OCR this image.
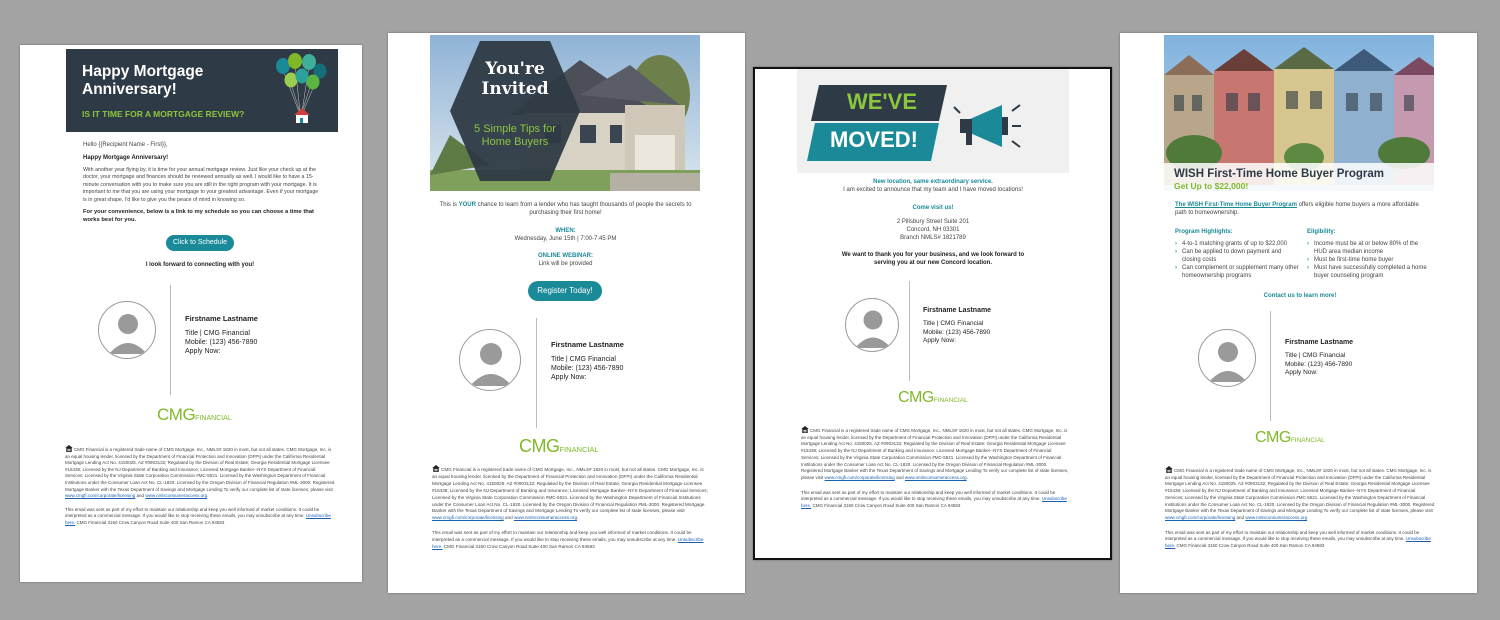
Happy Mortgage Anniversary!
IS IT TIME FOR A MORTGAGE REVIEW?
Hello {{Recipient Name - First}},
Happy Mortgage Anniversary!
With another year flying by, it is time for your annual mortgage review. Just like your check up at the doctor, your mortgage and finances should be reviewed annually as well. I would like to have a 15-minute conversation with you to make sure you are still in the right program with your mortgage. It is important to me that you are using your mortgage to your greatest advantage. Even if your mortgage is in great shape, I'd like to give you the peace of mind in knowing so.
For your convenience, below is a link to my schedule so you can choose a time that works best for you.
Click to Schedule
I look forward to connecting with you!
Firstname Lastname
Title | CMG Financial
Mobile: (123) 456-7890
Apply Now:
CMGFINANCIAL
CMG Financial is a registered trade name of CMG Mortgage, Inc., NMLS# 1820 in most, but not all states. CMG Mortgage, Inc. is an equal housing lender, licensed by the Department of Financial Protection and Innovation (DFPI) under the California Residential Mortgage Lending Act No. 4150025. AZ #0903132; Regulated by the Division of Real Estate; Georgia Residential Mortgage Licensee #15438; Licensed by the NJ Department of Banking and Insurance; Licensed Mortgage Banker--NYS Department of Financial Services; Licensed by the Virginia State Corporation Commission #MC-5521. Licensed by the Washington Department of Financial Institutions under the Consumer Loan Act No. CL-1820. Licensed by the Oregon Division of Financial Regulation #ML-3000. Registered Mortgage Banker with the Texas Department of Savings and Mortgage Lending To verify our complete list of state licenses, please visit www.cmgfi.com/corporate/licensing and www.nmlsconsumeraccess.org.
This email was sent as part of my effort to maintain our relationship and keep you well informed of market conditions. It could be interpreted as a commercial message. If you would like to stop receiving these emails, you may unsubscribe at any time. Unsubscribe here. CMG Financial 3160 Crow Canyon Road Suite 400 San Ramon CA 94583
You're
Invited
5 Simple Tips for Home Buyers
This is YOUR chance to learn from a lender who has taught thousands of people the secrets to purchasing their first home!
WHEN:
Wednesday, June 15th | 7:00-7:45 PM
ONLINE WEBINAR:
Link will be provided
Register Today!
Firstname Lastname
Title | CMG Financial
Mobile: (123) 456-7890
Apply Now:
CMGFINANCIAL
CMG Financial is a registered trade name of CMG Mortgage, Inc., NMLS# 1820 in most, but not all states. CMG Mortgage, Inc. is an equal housing lender, licensed by the Department of Financial Protection and Innovation (DFPI) under the California Residential Mortgage Lending Act No. 4150025. AZ #0903132; Regulated by the Division of Real Estate; Georgia Residential Mortgage Licensee #15438; Licensed by the NJ Department of Banking and Insurance; Licensed Mortgage Banker--NYS Department of Financial Services; Licensed by the Virginia State Corporation Commission #MC-5521. Licensed by the Washington Department of Financial Institutions under the Consumer Loan Act No. CL-1820. Licensed by the Oregon Division of Financial Regulation #ML-3000. Registered Mortgage Banker with the Texas Department of Savings and Mortgage Lending To verify our complete list of state licenses, please visit www.cmgfi.com/corporate/licensing and www.nmlsconsumeraccess.org.
This email was sent as part of my effort to maintain our relationship and keep you well informed of market conditions. It could be interpreted as a commercial message. If you would like to stop receiving these emails, you may unsubscribe at any time. Unsubscribe here. CMG Financial 3160 Crow Canyon Road Suite 400 San Ramon CA 94583
WE'VE
MOVED!
New location, same extraordinary service.
I am excited to announce that my team and I have moved locations!
Come visit us!
2 Pillsbury Street Suite 201
Concord, NH 03301
Branch NMLS# 1821789
We want to thank you for your business, and we look forward to serving you at our new Concord location.
Firstname Lastname
Title | CMG Financial
Mobile: (123) 456-7890
Apply Now:
CMGFINANCIAL
CMG Financial is a registered trade name of CMG Mortgage, Inc., NMLS# 1820 in most, but not all states. CMG Mortgage, Inc. is an equal housing lender, licensed by the Department of Financial Protection and Innovation (DFPI) under the California Residential Mortgage Lending Act No. 4150025. AZ #0903132; Regulated by the Division of Real Estate; Georgia Residential Mortgage Licensee #15438; Licensed by the NJ Department of Banking and Insurance; Licensed Mortgage Banker--NYS Department of Financial Services; Licensed by the Virginia State Corporation Commission #MC-5521. Licensed by the Washington Department of Financial Institutions under the Consumer Loan Act No. CL-1820. Licensed by the Oregon Division of Financial Regulation #ML-3000. Registered Mortgage Banker with the Texas Department of Savings and Mortgage Lending To verify our complete list of state licenses, please visit www.cmgfi.com/corporate/licensing and www.nmlsconsumeraccess.org.
This email was sent as part of my effort to maintain our relationship and keep you well informed of market conditions. It could be interpreted as a commercial message. If you would like to stop receiving these emails, you may unsubscribe at any time. Unsubscribe here. CMG Financial 3160 Crow Canyon Road Suite 400 San Ramon CA 94583
WISH First-Time Home Buyer Program
Get Up to $22,000!
The WISH First-Time Home Buyer Program offers eligible home buyers a more affordable path to homeownership.
Program Highlights:
› 4-to-1 matching grants of up to $22,000
› Can be applied to down payment and closing costs
› Can complement or supplement many other homeownership programs
Eligibility:
› Income must be at or below 80% of the HUD area median income
› Must be first-time home buyer
› Must have successfully completed a home buyer counseling program
Contact us to learn more!
Firstname Lastname
Title | CMG Financial
Mobile: (123) 456-7890
Apply Now:
CMGFINANCIAL
CMG Financial is a registered trade name of CMG Mortgage, Inc., NMLS# 1820 in most, but not all states. CMG Mortgage, Inc. is an equal housing lender, licensed by the Department of Financial Protection and Innovation (DFPI) under the California Residential Mortgage Lending Act No. 4150025. AZ #0903132; Regulated by the Division of Real Estate; Georgia Residential Mortgage Licensee #15438; Licensed by the NJ Department of Banking and Insurance; Licensed Mortgage Banker--NYS Department of Financial Services; Licensed by the Virginia State Corporation Commission #MC-5521. Licensed by the Washington Department of Financial Institutions under the Consumer Loan Act No. CL-1820. Licensed by the Oregon Division of Financial Regulation #ML-3000. Registered Mortgage Banker with the Texas Department of Savings and Mortgage Lending To verify our complete list of state licenses, please visit www.cmgfi.com/corporate/licensing and www.nmlsconsumeraccess.org.
This email was sent as part of my effort to maintain our relationship and keep you well informed of market conditions. It could be interpreted as a commercial message. If you would like to stop receiving these emails, you may unsubscribe at any time. Unsubscribe here. CMG Financial 3160 Crow Canyon Road Suite 400 San Ramon CA 94583
